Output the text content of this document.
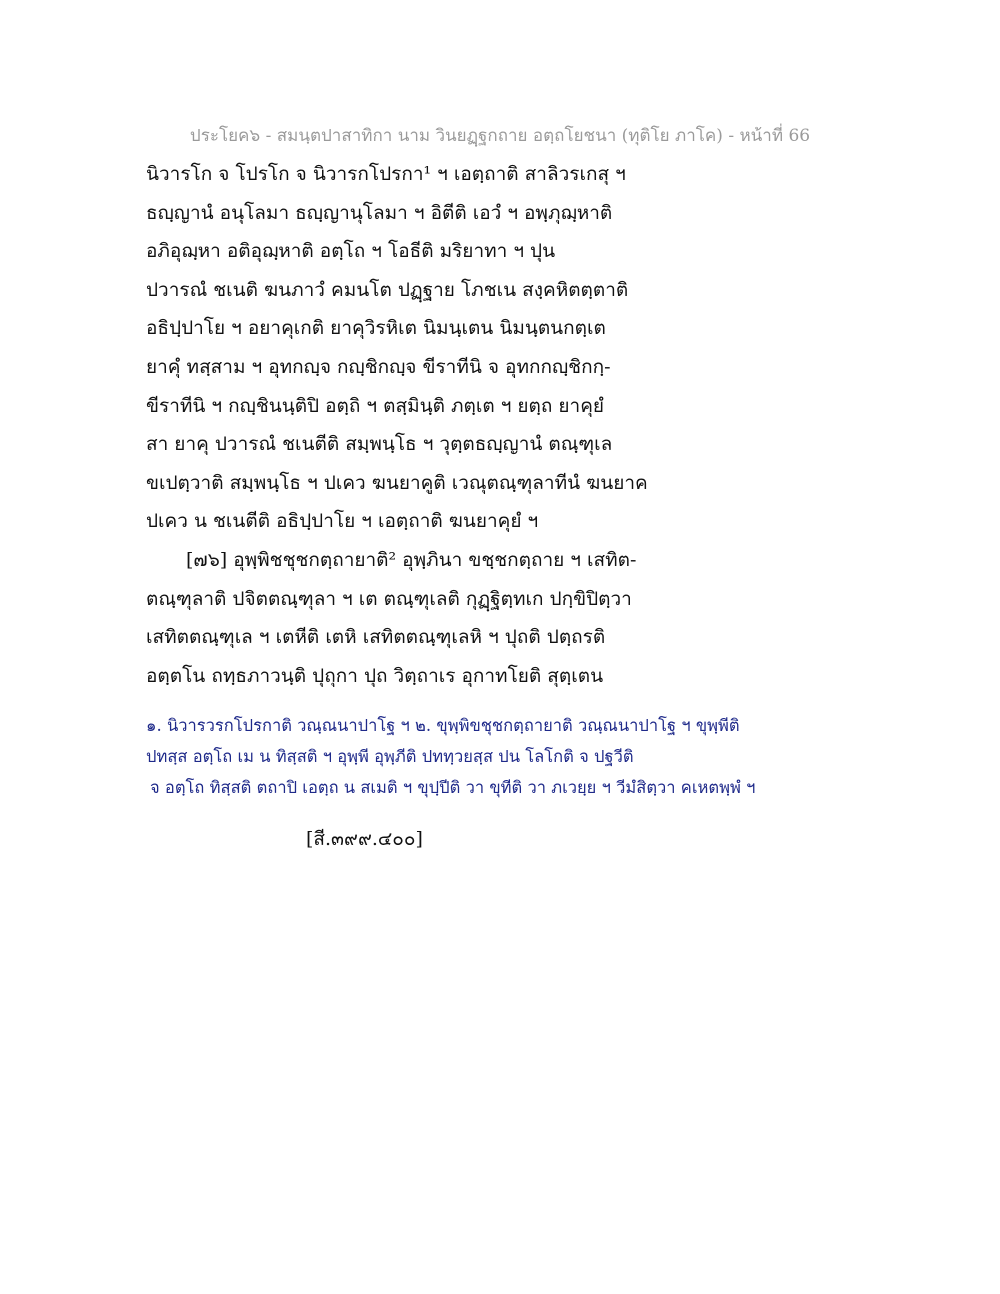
ประโยค๖ - สมนฺตปาสาทิกา นาม วินยฏฺฐกถาย อตฺถโยชนา (ทุติโย ภาโค) - หน้าที่ 66
นิวารโก จ โปรโก จ นิวารกโปรกา¹ ฯ เอตฺถาติ สาลิวรเกสุ ฯ
ธญฺญานํ อนุโลมา ธญฺญานุโลมา ฯ อิตีติ เอวํ ฯ อพฺภุฌฺหาติ
อภิอุฌฺหา อติอุฌฺหาติ อตฺโถ ฯ โอธีติ มริยาทา ฯ ปุน
ปวารณํ ชเนติ ฆนภาวํ คมนโต ปฏฺฐาย โภชเน สงฺคหิตตฺตาติ
อธิปฺปาโย ฯ อยาคุเกติ ยาคุวิรหิเต นิมนฺเตน นิมนฺตนกตฺเต
ยาคุํ ทสฺสาม ฯ อุทกญฺจ กญฺชิกญฺจ ขีราทีนิ จ อุทกกญฺชิกกฺ-
ขีราทีนิ ฯ กญฺชินนฺติปิ อตฺถิ ฯ ตสฺมินฺติ ภตฺเต ฯ ยตฺถ ยาคุยํ
สา ยาคุ ปวารณํ ชเนตีติ สมฺพนฺโธ ฯ วุตฺตธญฺญานํ ตณฺฑุเล
ขเปตฺวาติ สมฺพนฺโธ ฯ ปเคว ฆนยาคูติ เวณุตณฺฑุลาทีนํ ฆนยาค
ปเคว น ชเนตีติ อธิปฺปาโย ฯ เอตฺถาติ ฆนยาคุยํ ฯ
[๗๖] อุพฺพิชชุชกตฺถายาติ² อุพฺภินา ขชฺชกตฺถาย ฯ เสทิต-
ตณฺฑุลาติ ปจิตตณฺฑุลา ฯ เต ตณฺฑุเลติ กุฏฺฐิตฺทเก ปกฺขิปิตฺวา
เสทิตตณฺฑุเล ฯ เตหีติ เตหิ เสทิตตณฺฑุเลหิ ฯ ปุถติ ปตฺถรติ
อตฺตโน ถทฺธภาวนฺติ ปุถุกา ปุถ วิตฺถาเร อุกาทโยติ สุตฺเตน
๑. นิวารวรกโปรกาติ วณฺณนาปาโฐ ฯ ๒. ขุพฺพิขชุชกตฺถายาติ วณฺณนาปาโฐ ฯ ขุพฺพีติ
ปทสฺส อตฺโถ เม น ทิสฺสติ ฯ อุพฺพี อุพฺภีติ ปททฺวยสฺส ปน โลโกติ จ ปฐวีติ
จ อตฺโถ ทิสฺสติ ตถาปิ เอตฺถ น สเมติ ฯ ขุปฺปีติ วา ขุทีติ วา ภเวยฺย ฯ วีมํสิตฺวา คเหตพฺพํ ฯ
[สี.๓๙๙.๔๐๐]
